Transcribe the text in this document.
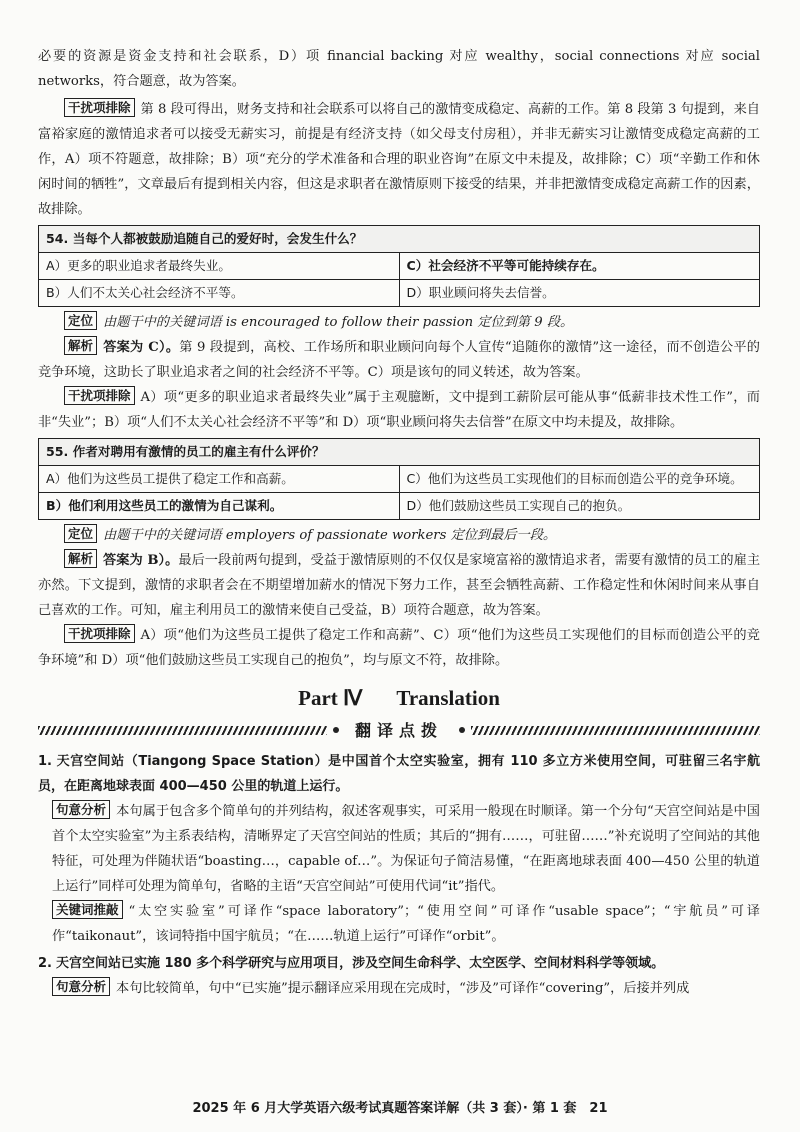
必要的资源是资金支持和社会联系，D）项 financial backing 对应 wealthy，social connections 对应 social networks，符合题意，故为答案。

干扰项排除 第 8 段可得出，财务支持和社会联系可以将自己的激情变成稳定、高薪的工作。第 8 段第 3 句提到，来自富裕家庭的激情追求者可以接受无薪实习，前提是有经济支持（如父母支付房租），并非无薪实习让激情变成稳定高薪的工作，A）项不符题意，故排除；B）项“充分的学术准备和合理的职业咨询”在原文中未提及，故排除；C）项“辛勤工作和休闲时间的牺牲”，文章最后有提到相关内容，但这是求职者在激情原则下接受的结果，并非把激情变成稳定高薪工作的因素，故排除。

54. 当每个人都被鼓励追随自己的爱好时，会发生什么？	
A）更多的职业追求者最终失业。	C）社会经济不平等可能持续存在。
B）人们不太关心社会经济不平等。	D）职业顾问将失去信誉。

定位 由题干中的关键词语 is encouraged to follow their passion 定位到第 9 段。

解析 答案为 C）。第 9 段提到，高校、工作场所和职业顾问向每个人宣传“追随你的激情”这一途径，而不创造公平的竞争环境，这助长了职业追求者之间的社会经济不平等。C）项是该句的同义转述，故为答案。

干扰项排除 A）项“更多的职业追求者最终失业”属于主观臆断，文中提到工薪阶层可能从事“低薪非技术性工作”，而非“失业”；B）项“人们不太关心社会经济不平等”和 D）项“职业顾问将失去信誉”在原文中均未提及，故排除。

55. 作者对聘用有激情的员工的雇主有什么评价？	
A）他们为这些员工提供了稳定工作和高薪。	C）他们为这些员工实现他们的目标而创造公平的竞争环境。
B）他们利用这些员工的激情为自己谋利。	D）他们鼓励这些员工实现自己的抱负。

定位 由题干中的关键词语 employers of passionate workers 定位到最后一段。

解析 答案为 B）。最后一段前两句提到，受益于激情原则的不仅仅是家境富裕的激情追求者，需要有激情的员工的雇主亦然。下文提到，激情的求职者会在不期望增加薪水的情况下努力工作，甚至会牺牲高薪、工作稳定性和休闲时间来从事自己喜欢的工作。可知，雇主利用员工的激情来使自己受益，B）项符合题意，故为答案。

干扰项排除 A）项“他们为这些员工提供了稳定工作和高薪”、C）项“他们为这些员工实现他们的目标而创造公平的竞争环境”和 D）项“他们鼓励这些员工实现自己的抱负”，均与原文不符，故排除。

Part Ⅳ Translation
翻译点拨

1. 天宫空间站（Tiangong Space Station）是中国首个太空实验室，拥有 110 多立方米使用空间，可驻留三名宇航员，在距离地球表面 400—450 公里的轨道上运行。

句意分析 本句属于包含多个简单句的并列结构，叙述客观事实，可采用一般现在时顺译。第一个分句“天宫空间站是中国首个太空实验室”为主系表结构，清晰界定了天宫空间站的性质；其后的“拥有……，可驻留……”补充说明了空间站的其他特征，可处理为伴随状语“boasting…，capable of…”。为保证句子简洁易懂，“在距离地球表面 400—450 公里的轨道上运行”同样可处理为简单句，省略的主语“天宫空间站”可使用代词“it”指代。

关键词推敲 “太空实验室”可译作“space laboratory”；“使用空间”可译作“usable space”；“宇航员”可译作“taikonaut”，该词特指中国宇航员；“在……轨道上运行”可译作“orbit”。

2. 天宫空间站已实施 180 多个科学研究与应用项目，涉及空间生命科学、太空医学、空间材料科学等领域。

句意分析 本句比较简单，句中“已实施”提示翻译应采用现在完成时，“涉及”可译作“covering”，后接并列成

2025 年 6 月大学英语六级考试真题答案详解（共 3 套）· 第 1 套　21
